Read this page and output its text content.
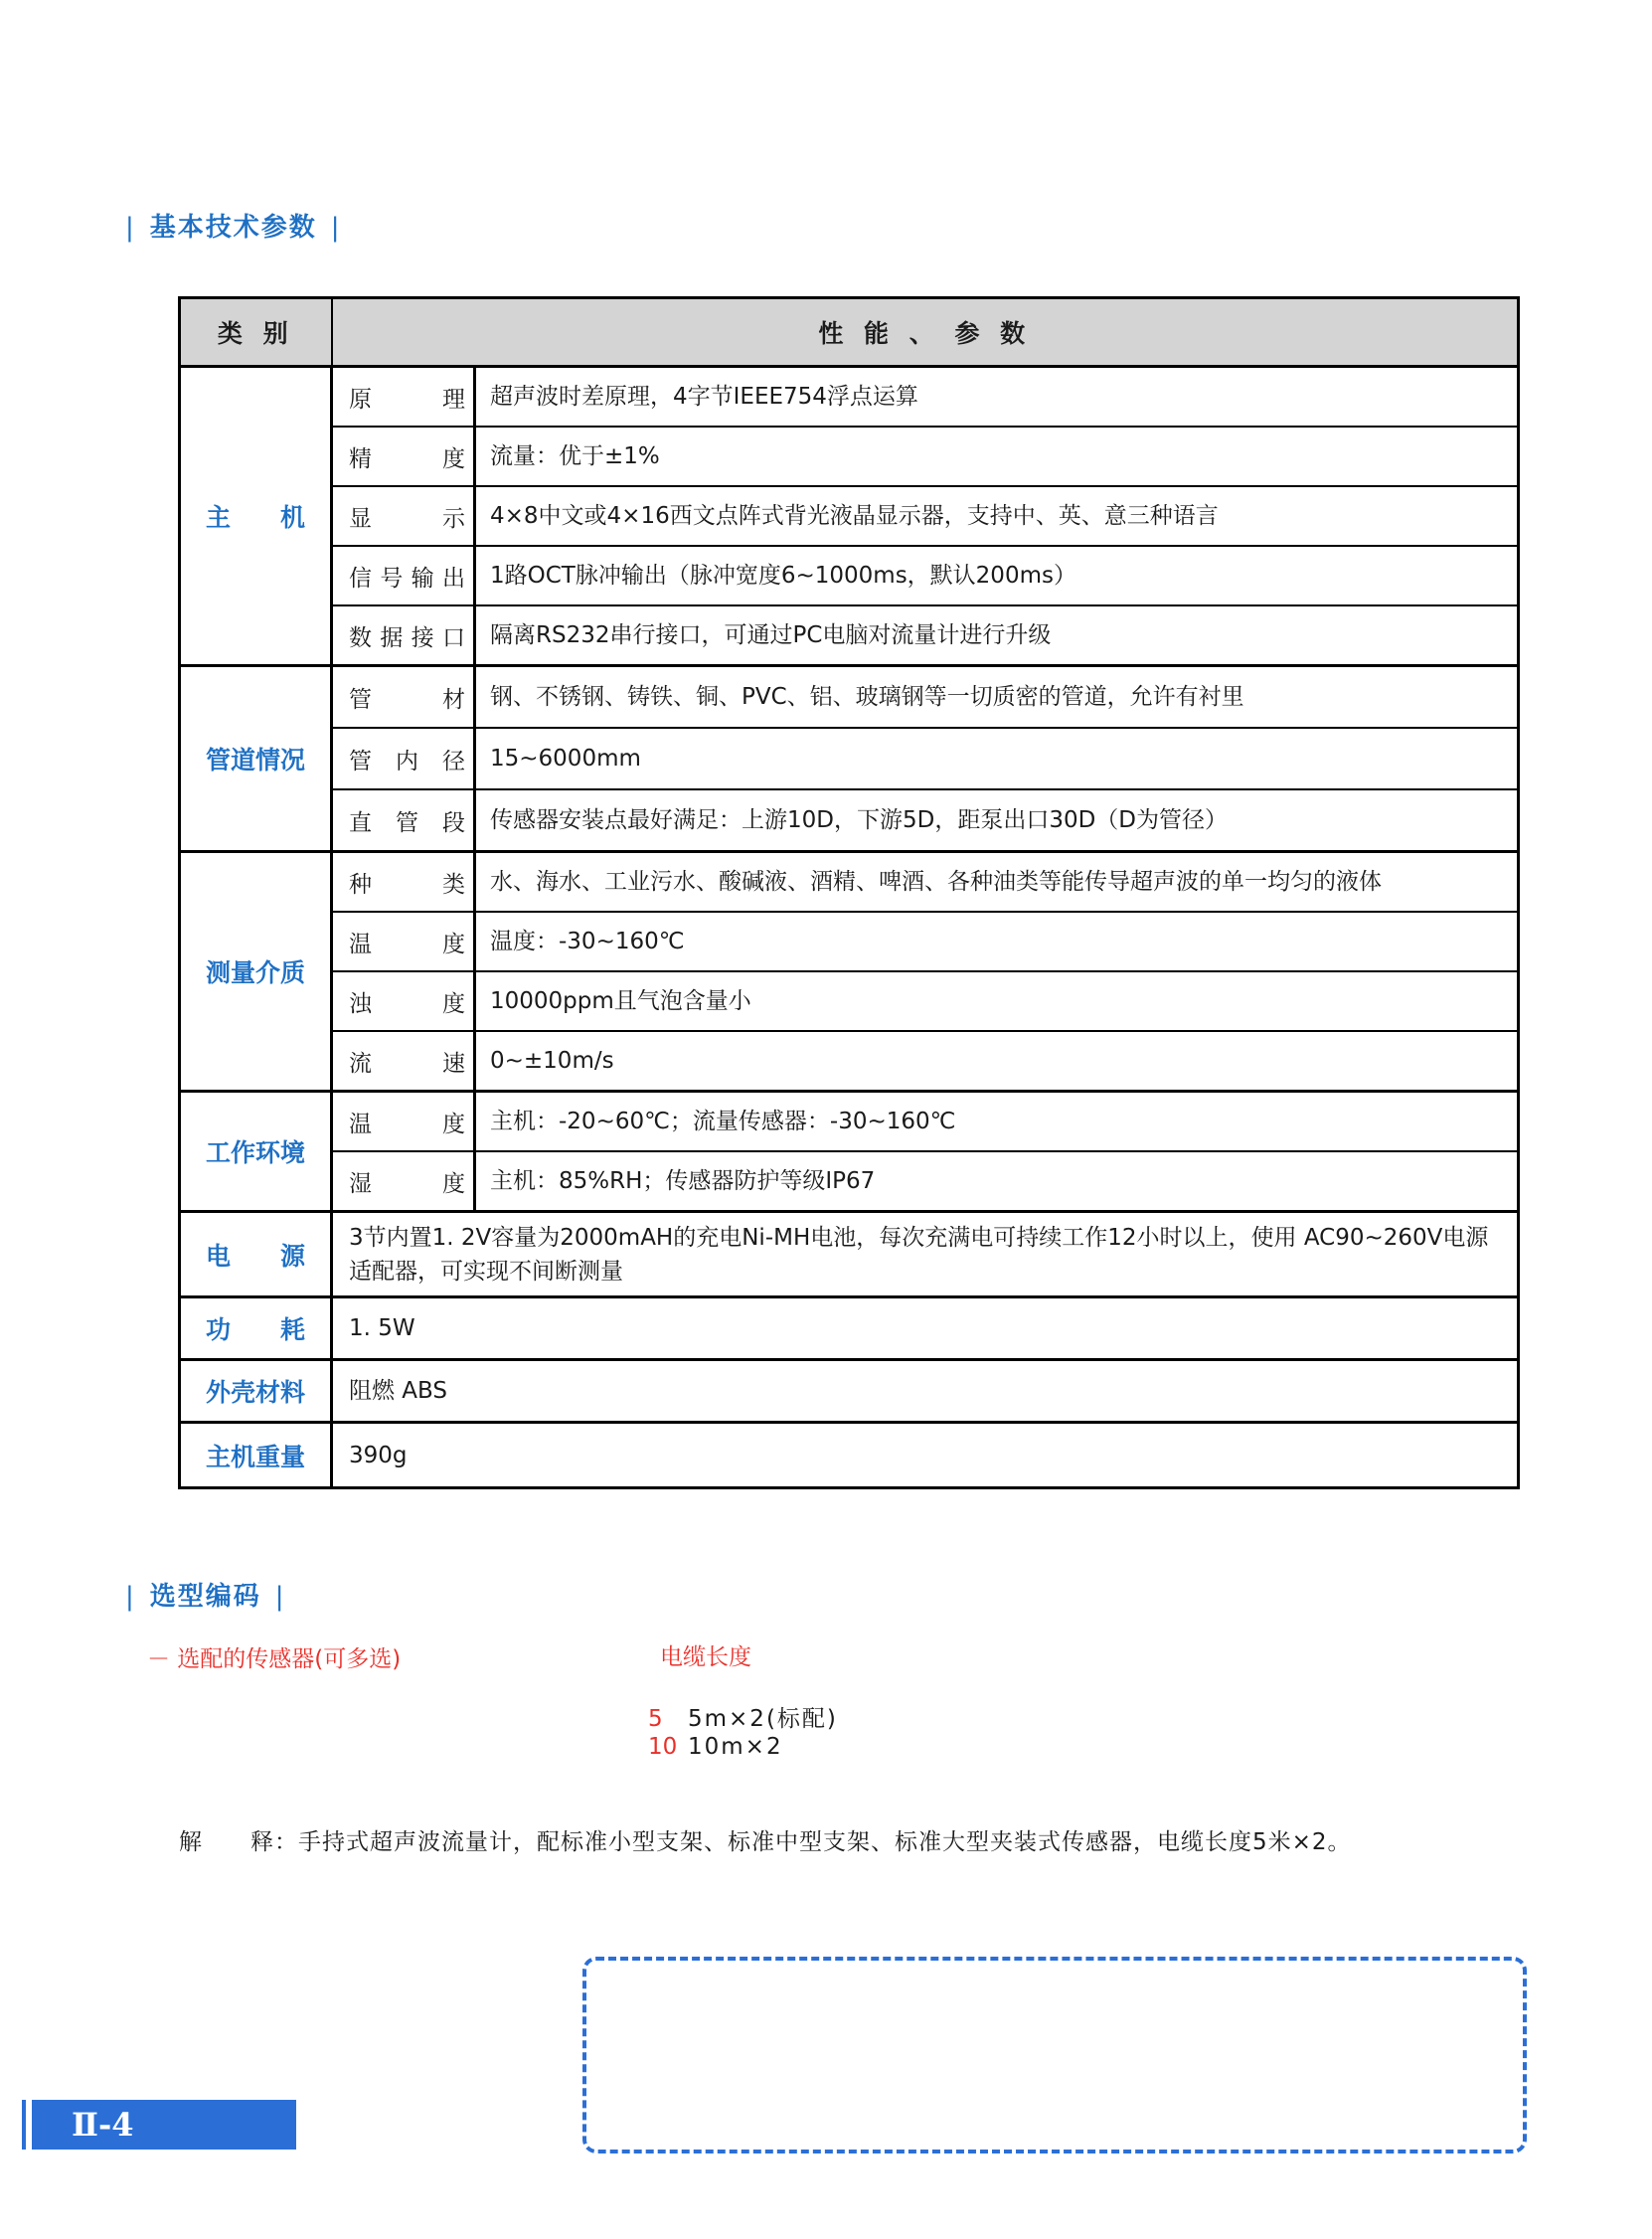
| 基本技术参数 |
类 别	性 能 、 参 数	
主　　机	原理	超声波时差原理，4字节IEEE754浮点运算
	精度	流量：优于±1%
	显示	4×8中文或4×16西文点阵式背光液晶显示器，支持中、英、意三种语言
	信号输出	1路OCT脉冲输出（脉冲宽度6~1000ms，默认200ms）
	数据接口	隔离RS232串行接口，可通过PC电脑对流量计进行升级
管道情况	管材	钢、不锈钢、铸铁、铜、PVC、铝、玻璃钢等一切质密的管道，允许有衬里
	管内径	15~6000mm
	直管段	传感器安装点最好满足：上游10D，下游5D，距泵出口30D（D为管径）
测量介质	种类	水、海水、工业污水、酸碱液、酒精、啤酒、各种油类等能传导超声波的单一均匀的液体
	温度	温度：-30~160℃
	浊度	10000ppm且气泡含量小
	流速	0~±10m/s
工作环境	温度	主机：-20~60℃；流量传感器：-30~160℃
	湿度	主机：85%RH；传感器防护等级IP67
电　　源	3节内置1. 2V容量为2000mAH的充电Ni-MH电池，每次充满电可持续工作12小时以上，使用 AC90~260V电源适配器，可实现不间断测量	
功　　耗	1. 5W	
外壳材料	阻燃 ABS	
主机重量	390g	
| 选型编码 |
－ 选配的传感器(可多选)	电缆长度
5 5m×2(标配)
10 10m×2
解　　释：手持式超声波流量计，配标准小型支架、标准中型支架、标准大型夹装式传感器，电缆长度5米×2。
Ⅱ-4
